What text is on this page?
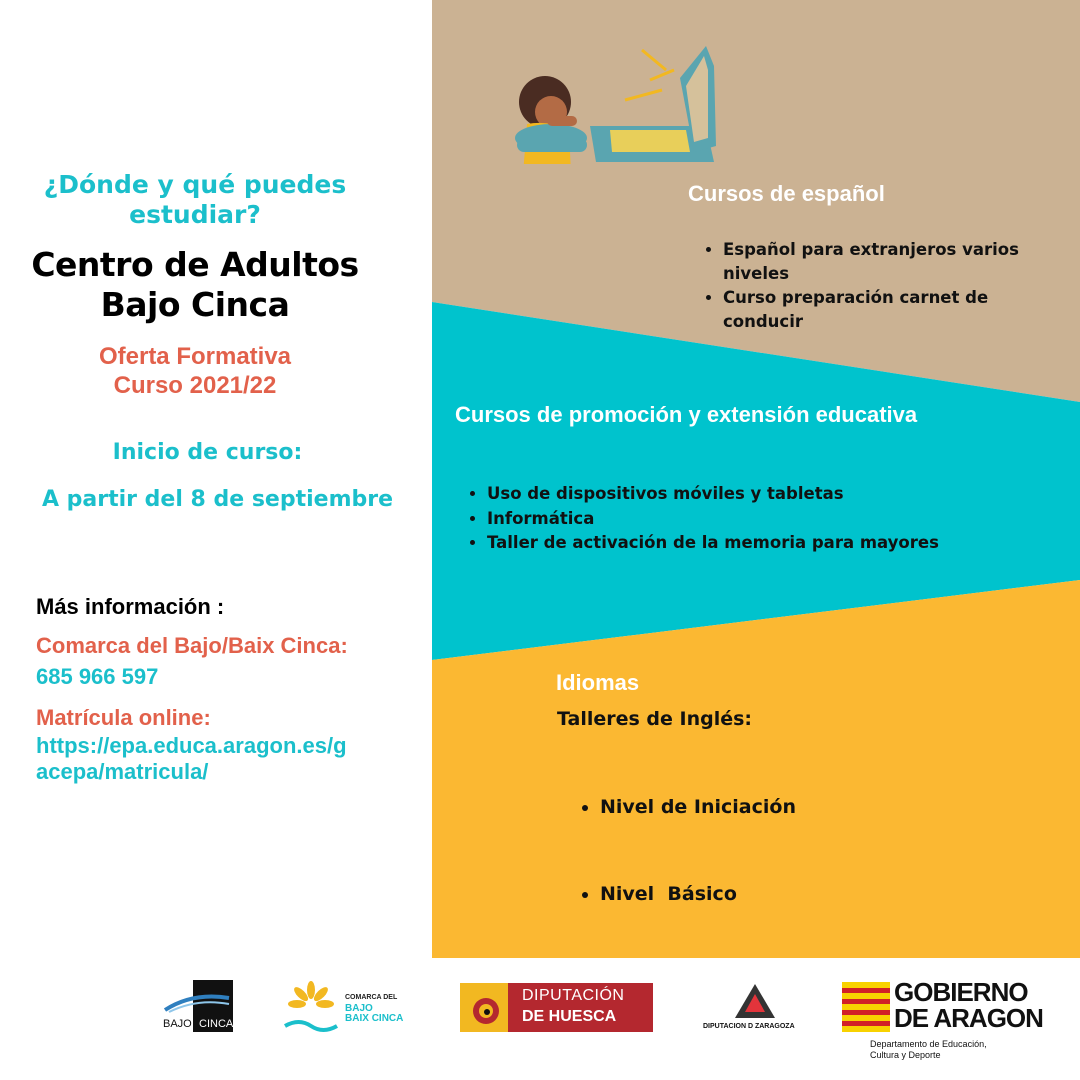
¿Dónde y qué puedes estudiar?
Centro de Adultos Bajo Cinca
Oferta Formativa
Curso 2021/22
Inicio de curso:
A partir del 8 de septiembre
Más información :
Comarca del Bajo/Baix Cinca:
685 966 597
Matrícula online:
https://epa.educa.aragon.es/g
acepa/matricula/
Cursos de español
• Español para extranjeros varios niveles
• Curso preparación carnet de conducir
Cursos de promoción y extensión educativa
• Uso de dispositivos móviles y tabletas
• Informática
• Taller de activación de la memoria para mayores
Idiomas
Talleres de Inglés:

• Nivel de Iniciación

• Nivel  Básico

BAJO CINCA
COMARCA DEL
BAJO
BAIX CINCA
DIPUTACIÓN
DE HUESCA
DIPUTACION D ZARAGOZA
GOBIERNO
DE ARAGON
Departamento de Educación,
Cultura y Deporte
